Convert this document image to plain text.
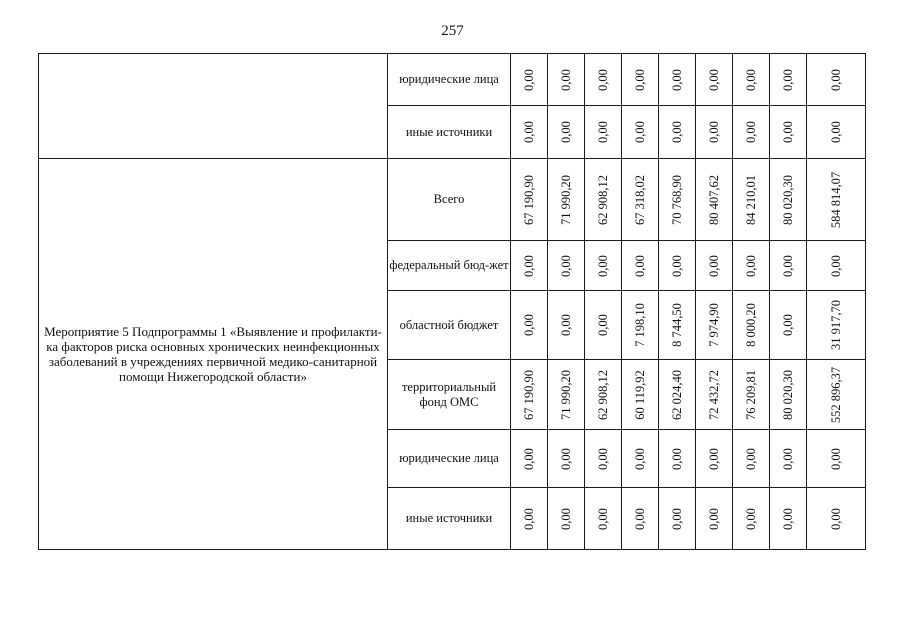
257
	юридические лица	0,00	0,00	0,00	0,00	0,00	0,00	0,00	0,00	0,00

	иные источники	0,00	0,00	0,00	0,00	0,00	0,00	0,00	0,00	0,00

Мероприятие 5 Подпрограммы 1 «Выявление и профилакти-ка факторов риска основных хронических неинфекционных заболеваний в учреждениях первичной медико-санитарной помощи Нижегородской области»	Всего	67 190,90	71 990,20	62 908,12	67 318,02	70 768,90	80 407,62	84 210,01	80 020,30	584 814,07

	федеральный бюд-жет	0,00	0,00	0,00	0,00	0,00	0,00	0,00	0,00	0,00

	областной бюджет	0,00	0,00	0,00	7 198,10	8 744,50	7 974,90	8 000,20	0,00	31 917,70

	территориальный фонд ОМС	67 190,90	71 990,20	62 908,12	60 119,92	62 024,40	72 432,72	76 209,81	80 020,30	552 896,37

	юридические лица	0,00	0,00	0,00	0,00	0,00	0,00	0,00	0,00	0,00

	иные источники	0,00	0,00	0,00	0,00	0,00	0,00	0,00	0,00	0,00
